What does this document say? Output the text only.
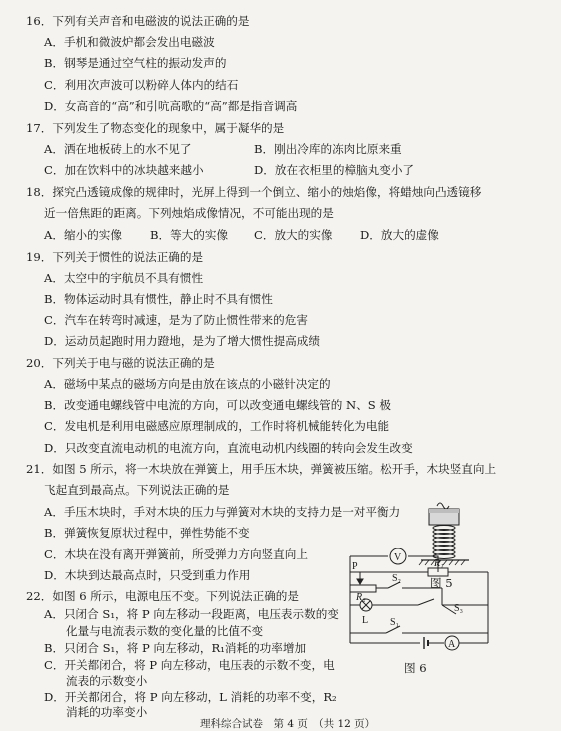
16．下列有关声音和电磁波的说法正确的是
A．手机和微波炉都会发出电磁波
B．钢琴是通过空气柱的振动发声的
C．利用次声波可以粉碎人体内的结石
D．女高音的“高”和引吭高歌的“高”都是指音调高
17．下列发生了物态变化的现象中，属于凝华的是
A．洒在地板砖上的水不见了	B．刚出冷库的冻肉比原来重
C．加在饮料中的冰块越来越小	D．放在衣柜里的樟脑丸变小了
18．探究凸透镜成像的规律时，光屏上得到一个倒立、缩小的烛焰像，将蜡烛向凸透镜移
近一倍焦距的距离。下列烛焰成像情况，不可能出现的是
A．缩小的实像 B．等大的实像 C．放大的实像 D．放大的虚像
19．下列关于惯性的说法正确的是
A．太空中的宇航员不具有惯性
B．物体运动时具有惯性，静止时不具有惯性
C．汽车在转弯时减速，是为了防止惯性带来的危害
D．运动员起跑时用力蹬地，是为了增大惯性提高成绩
20．下列关于电与磁的说法正确的是
A．磁场中某点的磁场方向是由放在该点的小磁针决定的
B．改变通电螺线管中电流的方向，可以改变通电螺线管的 N、S 极
C．发电机是利用电磁感应原理制成的，工作时将机械能转化为电能
D．只改变直流电动机的电流方向，直流电动机内线圈的转向会发生改变
21．如图 5 所示，将一木块放在弹簧上，用手压木块，弹簧被压缩。松开手，木块竖直向上
飞起直到最高点。下列说法正确的是
A．手压木块时，手对木块的压力与弹簧对木块的支持力是一对平衡力
B．弹簧恢复原状过程中，弹性势能不变
C．木块在没有离开弹簧前，所受弹力方向竖直向上
D．木块到达最高点时，只受到重力作用
图 5
22．如图 6 所示，电源电压不变。下列说法正确的是
A．只闭合 S₁，将 P 向左移动一段距离，电压表示数的变
化量与电流表示数的变化量的比值不变
B．只闭合 S₁，将 P 向左移动，R₁消耗的功率增加
C．开关都闭合，将 P 向左移动，电压表的示数不变，电
V
P
R₂
R₁
S₂
S₃
S₁
L
A
图 6
理科综合试卷　第 4 页　（共 12 页）
流表的示数变小
D．开关都闭合，将 P 向左移动，L 消耗的功率不变，R₂
消耗的功率变小
